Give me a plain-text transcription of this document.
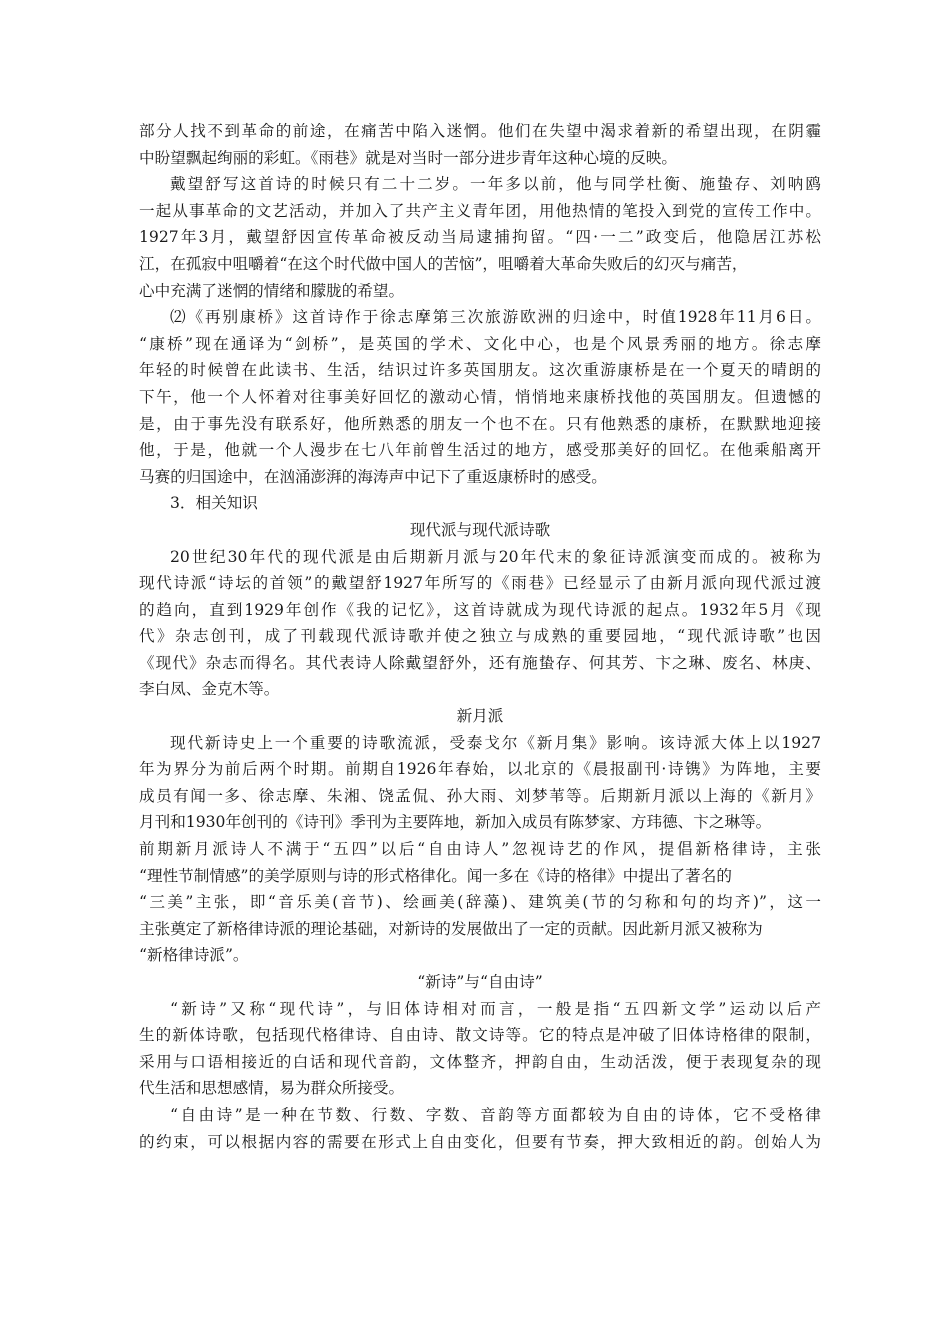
部分人找不到革命的前途，在痛苦中陷入迷惘。他们在失望中渴求着新的希望出现，在阴霾
中盼望飘起绚丽的彩虹。《雨巷》就是对当时一部分进步青年这种心境的反映。
戴望舒写这首诗的时候只有二十二岁。一年多以前，他与同学杜衡、施蛰存、刘呐鸥
一起从事革命的文艺活动，并加入了共产主义青年团，用他热情的笔投入到党的宣传工作中。
1927年3月，戴望舒因宣传革命被反动当局逮捕拘留。“四·一二”政变后，他隐居江苏松
江，在孤寂中咀嚼着“在这个时代做中国人的苦恼”，咀嚼着大革命失败后的幻灭与痛苦，
心中充满了迷惘的情绪和朦胧的希望。
⑵《再别康桥》这首诗作于徐志摩第三次旅游欧洲的归途中，时值1928年11月6日。
“康桥”现在通译为“剑桥”，是英国的学术、文化中心，也是个风景秀丽的地方。徐志摩
年轻的时候曾在此读书、生活，结识过许多英国朋友。这次重游康桥是在一个夏天的晴朗的
下午，他一个人怀着对往事美好回忆的激动心情，悄悄地来康桥找他的英国朋友。但遗憾的
是，由于事先没有联系好，他所熟悉的朋友一个也不在。只有他熟悉的康桥，在默默地迎接
他，于是，他就一个人漫步在七八年前曾生活过的地方，感受那美好的回忆。在他乘船离开
马赛的归国途中，在汹涌澎湃的海涛声中记下了重返康桥时的感受。
3．相关知识
现代派与现代派诗歌
20世纪30年代的现代派是由后期新月派与20年代末的象征诗派演变而成的。被称为
现代诗派“诗坛的首领”的戴望舒1927年所写的《雨巷》已经显示了由新月派向现代派过渡
的趋向，直到1929年创作《我的记忆》，这首诗就成为现代诗派的起点。1932年5月《现
代》杂志创刊，成了刊载现代派诗歌并使之独立与成熟的重要园地，“现代派诗歌”也因
《现代》杂志而得名。其代表诗人除戴望舒外，还有施蛰存、何其芳、卞之琳、废名、林庚、
李白凤、金克木等。
新月派
现代新诗史上一个重要的诗歌流派，受泰戈尔《新月集》影响。该诗派大体上以1927
年为界分为前后两个时期。前期自1926年春始，以北京的《晨报副刊·诗镌》为阵地，主要
成员有闻一多、徐志摩、朱湘、饶孟侃、孙大雨、刘梦苇等。后期新月派以上海的《新月》
月刊和1930年创刊的《诗刊》季刊为主要阵地，新加入成员有陈梦家、方玮德、卞之琳等。
前期新月派诗人不满于“五四”以后“自由诗人”忽视诗艺的作风，提倡新格律诗，主张
“理性节制情感”的美学原则与诗的形式格律化。闻一多在《诗的格律》中提出了著名的
“三美”主张，即“音乐美(音节)、绘画美(辞藻)、建筑美(节的匀称和句的均齐)”，这一
主张奠定了新格律诗派的理论基础，对新诗的发展做出了一定的贡献。因此新月派又被称为
“新格律诗派”。
“新诗”与“自由诗”
“新诗”又称“现代诗”，与旧体诗相对而言，一般是指“五四新文学”运动以后产
生的新体诗歌，包括现代格律诗、自由诗、散文诗等。它的特点是冲破了旧体诗格律的限制，
采用与口语相接近的白话和现代音韵，文体整齐，押韵自由，生动活泼，便于表现复杂的现
代生活和思想感情，易为群众所接受。
“自由诗”是一种在节数、行数、字数、音韵等方面都较为自由的诗体，它不受格律
的约束，可以根据内容的需要在形式上自由变化，但要有节奏，押大致相近的韵。创始人为
